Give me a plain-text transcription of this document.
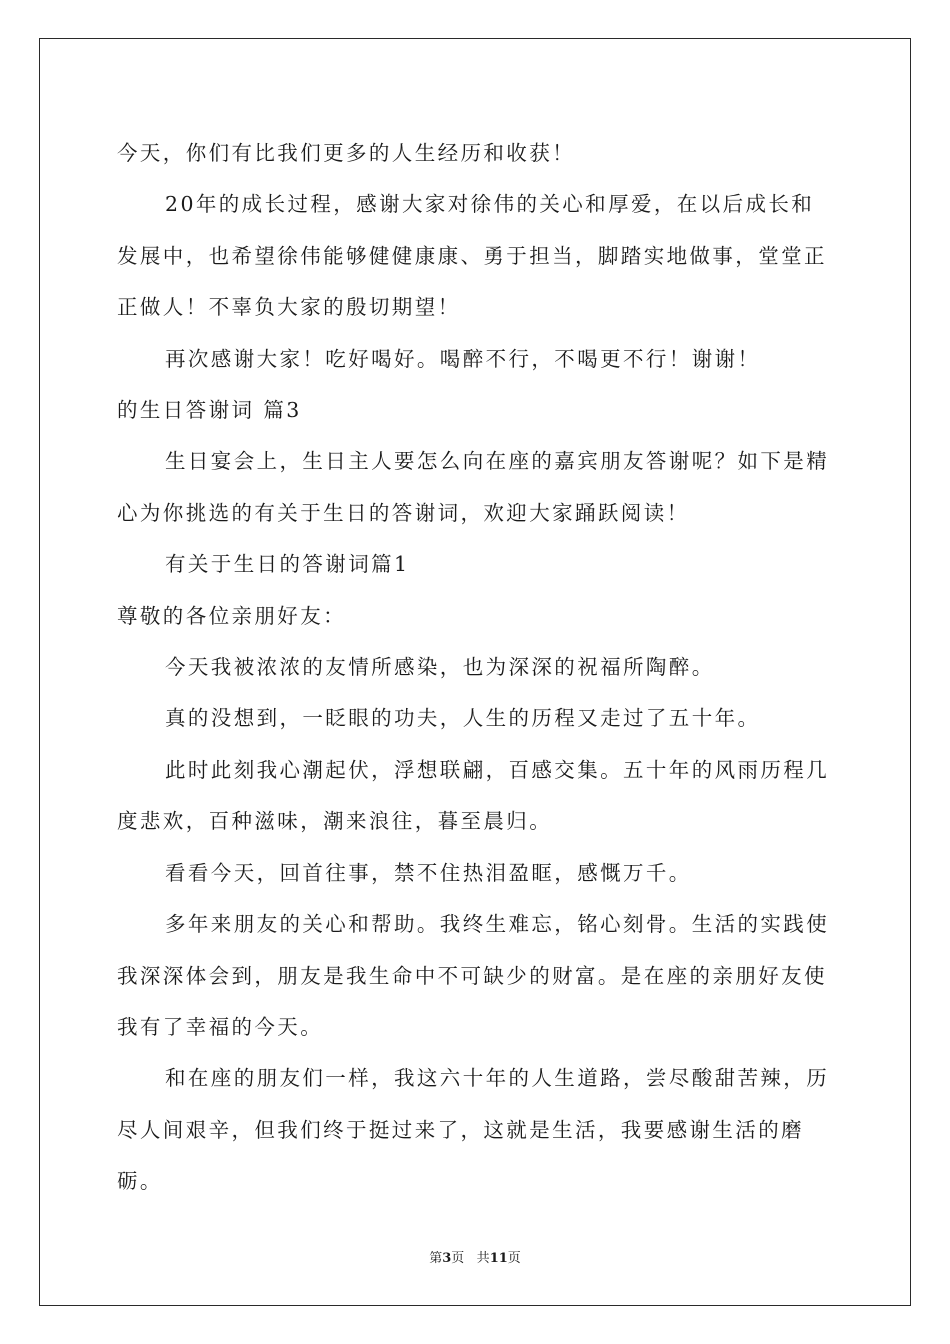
今天，你们有比我们更多的人生经历和收获！

20年的成长过程，感谢大家对徐伟的关心和厚爱，在以后成长和发展中，也希望徐伟能够健健康康、勇于担当，脚踏实地做事，堂堂正正做人！不辜负大家的殷切期望！

再次感谢大家！吃好喝好。喝醉不行，不喝更不行！谢谢！

的生日答谢词 篇3

生日宴会上，生日主人要怎么向在座的嘉宾朋友答谢呢？如下是精心为你挑选的有关于生日的答谢词，欢迎大家踊跃阅读！

有关于生日的答谢词篇1

尊敬的各位亲朋好友：

今天我被浓浓的友情所感染，也为深深的祝福所陶醉。

真的没想到，一眨眼的功夫，人生的历程又走过了五十年。

此时此刻我心潮起伏，浮想联翩，百感交集。五十年的风雨历程几度悲欢，百种滋味，潮来浪往，暮至晨归。

看看今天，回首往事，禁不住热泪盈眶，感慨万千。

多年来朋友的关心和帮助。我终生难忘，铭心刻骨。生活的实践使我深深体会到，朋友是我生命中不可缺少的财富。是在座的亲朋好友使我有了幸福的今天。

和在座的朋友们一样，我这六十年的人生道路，尝尽酸甜苦辣，历尽人间艰辛，但我们终于挺过来了，这就是生活，我要感谢生活的磨砺。

第3页 共11页
